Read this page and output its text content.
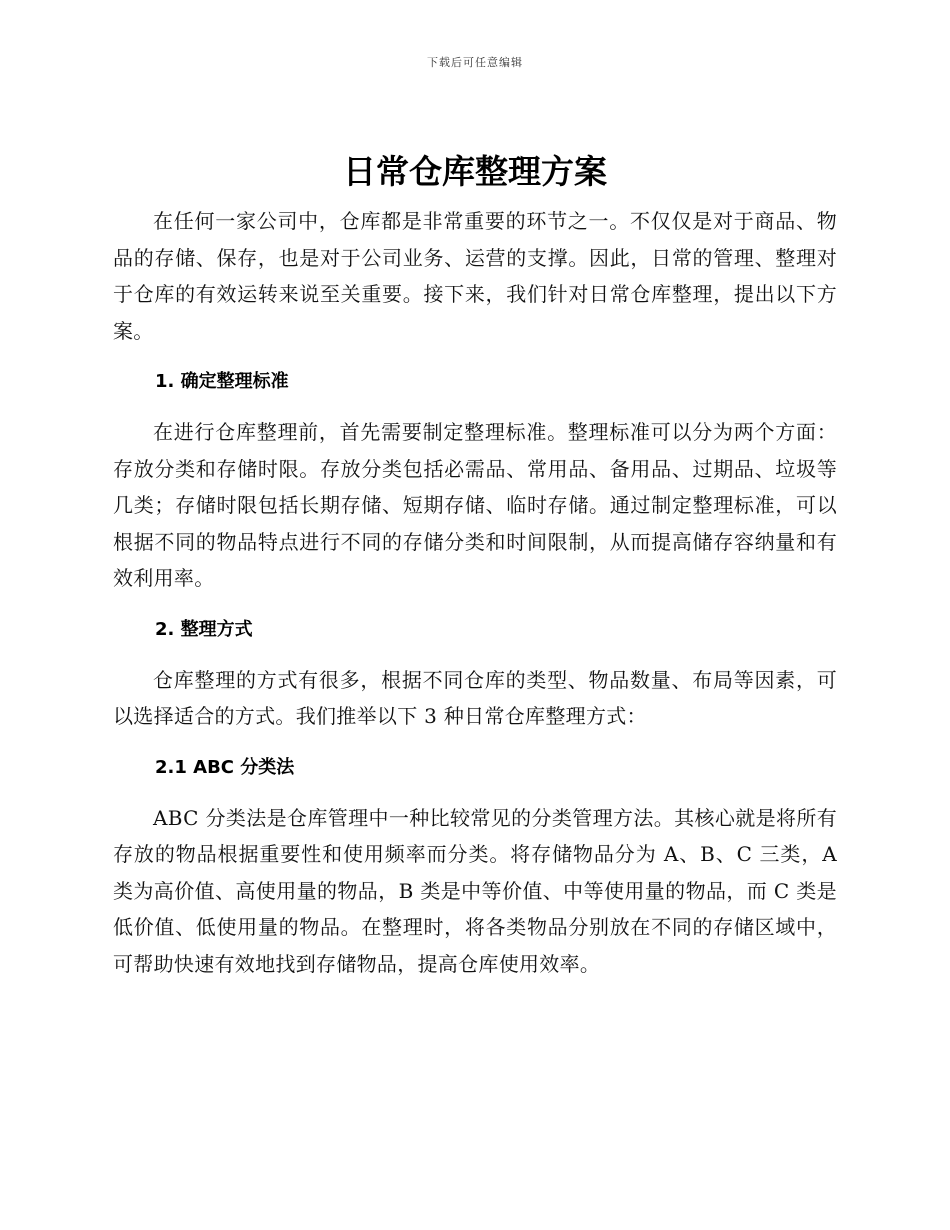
下载后可任意编辑
日常仓库整理方案

在任何一家公司中，仓库都是非常重要的环节之一。不仅仅是对于商品、物品的存储、保存，也是对于公司业务、运营的支撑。因此，日常的管理、整理对于仓库的有效运转来说至关重要。接下来，我们针对日常仓库整理，提出以下方案。

1. 确定整理标准

在进行仓库整理前，首先需要制定整理标准。整理标准可以分为两个方面：存放分类和存储时限。存放分类包括必需品、常用品、备用品、过期品、垃圾等几类；存储时限包括长期存储、短期存储、临时存储。通过制定整理标准，可以根据不同的物品特点进行不同的存储分类和时间限制，从而提高储存容纳量和有效利用率。

2. 整理方式

仓库整理的方式有很多，根据不同仓库的类型、物品数量、布局等因素，可以选择适合的方式。我们推举以下 3 种日常仓库整理方式：

2.1 ABC 分类法

ABC 分类法是仓库管理中一种比较常见的分类管理方法。其核心就是将所有存放的物品根据重要性和使用频率而分类。将存储物品分为 A、B、C 三类，A 类为高价值、高使用量的物品，B 类是中等价值、中等使用量的物品，而 C 类是低价值、低使用量的物品。在整理时，将各类物品分别放在不同的存储区域中，可帮助快速有效地找到存储物品，提高仓库使用效率。
